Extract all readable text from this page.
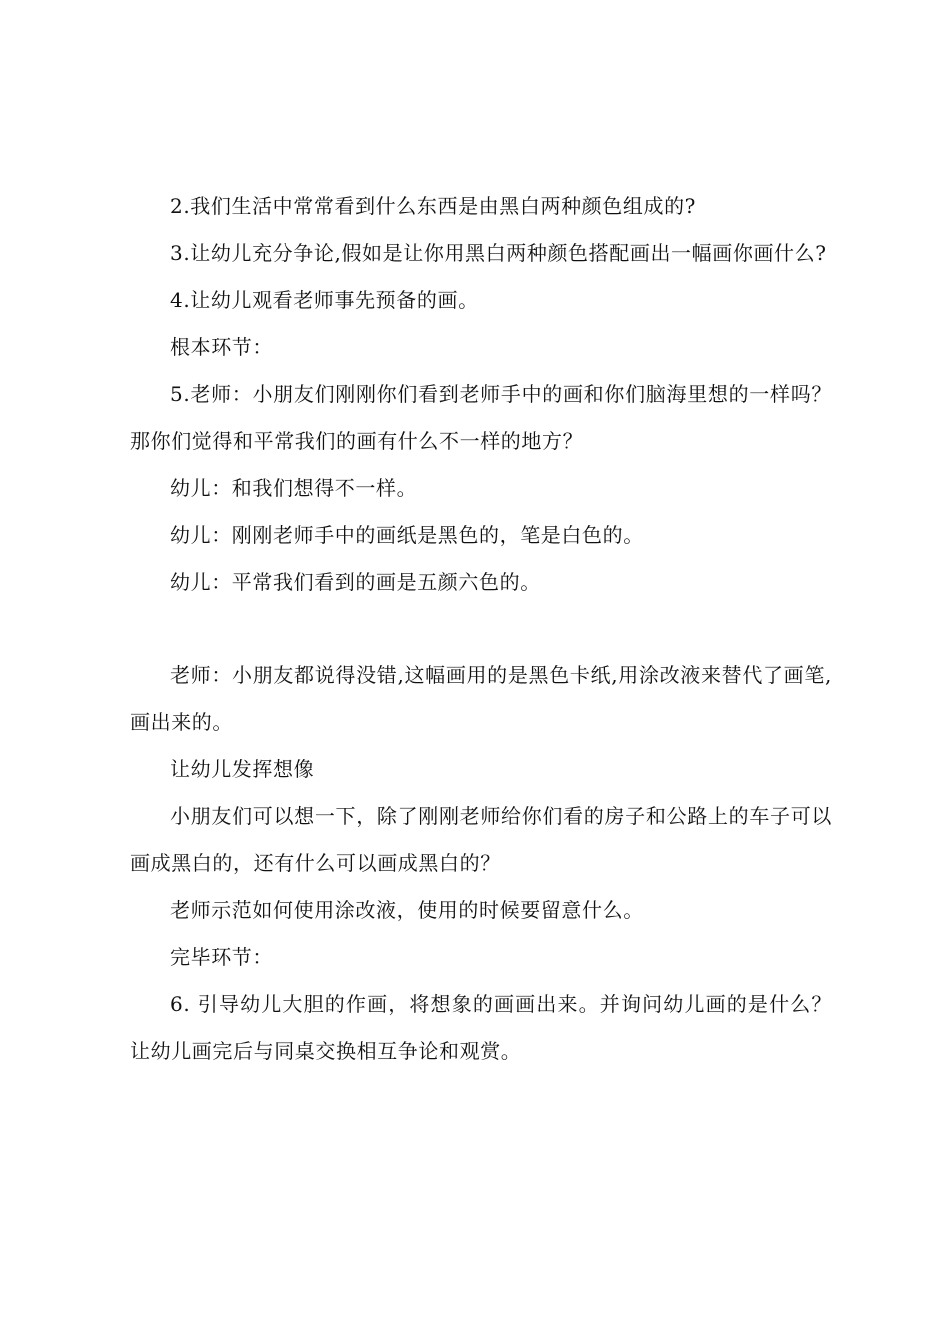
2.我们生活中常常看到什么东西是由黑白两种颜色组成的?

3.让幼儿充分争论,假如是让你用黑白两种颜色搭配画出一幅画你画什么?

4.让幼儿观看老师事先预备的画。

根本环节：

5.老师：小朋友们刚刚你们看到老师手中的画和你们脑海里想的一样吗？那你们觉得和平常我们的画有什么不一样的地方？

幼儿：和我们想得不一样。

幼儿：刚刚老师手中的画纸是黑色的，笔是白色的。

幼儿：平常我们看到的画是五颜六色的。

老师：小朋友都说得没错,这幅画用的是黑色卡纸,用涂改液来替代了画笔,画出来的。

让幼儿发挥想像

小朋友们可以想一下，除了刚刚老师给你们看的房子和公路上的车子可以画成黑白的，还有什么可以画成黑白的？

老师示范如何使用涂改液，使用的时候要留意什么。

完毕环节：

6. 引导幼儿大胆的作画，将想象的画画出来。并询问幼儿画的是什么？让幼儿画完后与同桌交换相互争论和观赏。
